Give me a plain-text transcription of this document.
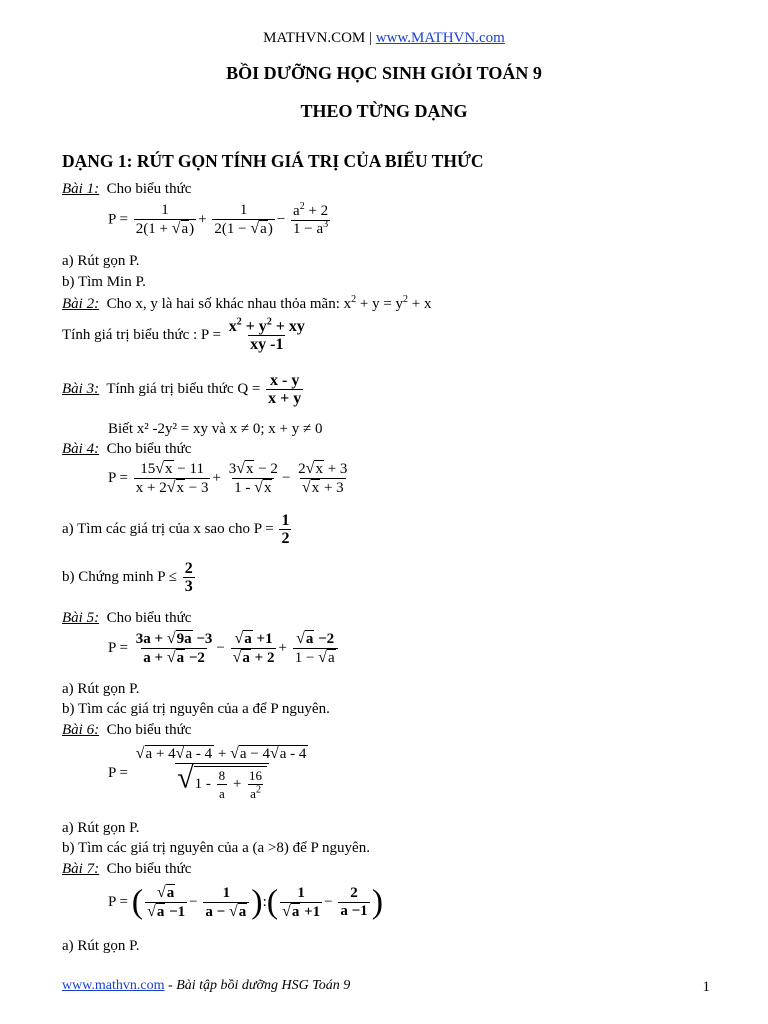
MATHVN.COM | www.MATHVN.com
BỒI DƯỠNG HỌC SINH GIỎI TOÁN 9
THEO TỪNG DẠNG
DẠNG 1: RÚT GỌN TÍNH GIÁ TRỊ CỦA BIỂU THỨC
Bài 1: Cho biểu thức
$P = \frac{1}{2(1 + √a)} + \frac{1}{2(1 - √a)} - \frac{a^2 + 2}{1 - a^3}$
a) Rút gọn P.
b) Tìm Min P.
Bài 2: Cho x, y là hai số khác nhau thỏa mãn: $x^2 + y = y^2 + x$
Tính giá trị biểu thức : $P = \frac{x^2 + y^2 + xy}{xy -1}$
Bài 3: Tính giá trị biểu thức $Q = \frac{x - y}{x + y}$
Biết x² -2y² = xy và x ≠ 0; x + y ≠ 0
Bài 4: Cho biểu thức
$P = \frac{15√x - 11}{x + 2√x - 3} + \frac{3√x - 2}{1 - √x} - \frac{2√x + 3}{√x + 3}$
a) Tìm các giá trị của x sao cho $P = \frac{1}{2}$
b) Chứng minh $P \le \frac{2}{3}$
Bài 5: Cho biểu thức
$P = \frac{3a + √9a -3}{a + √a -2} - \frac{√a +1}{√a + 2} + \frac{√a -2}{1 - √a}$
a) Rút gọn P.
b) Tìm các giá trị nguyên của a để P nguyên.
Bài 6: Cho biểu thức
$P = \frac{√a + 4√a - 4 + √a - 4√a - 4}{√1 - \frac{8}{a} + \frac{16}{a^2}}$
a) Rút gọn P.
b) Tìm các giá trị nguyên của a (a >8) để P nguyên.
Bài 7: Cho biểu thức
P = ( $\frac{√a}{√a -1} - \frac{1}{a - √a}$ ):( $\frac{1}{√a +1} - \frac{2}{a -1}$ )
a) Rút gọn P.
www.mathvn.com - Bài tập bồi dưỡng HSG Toán 9	1
